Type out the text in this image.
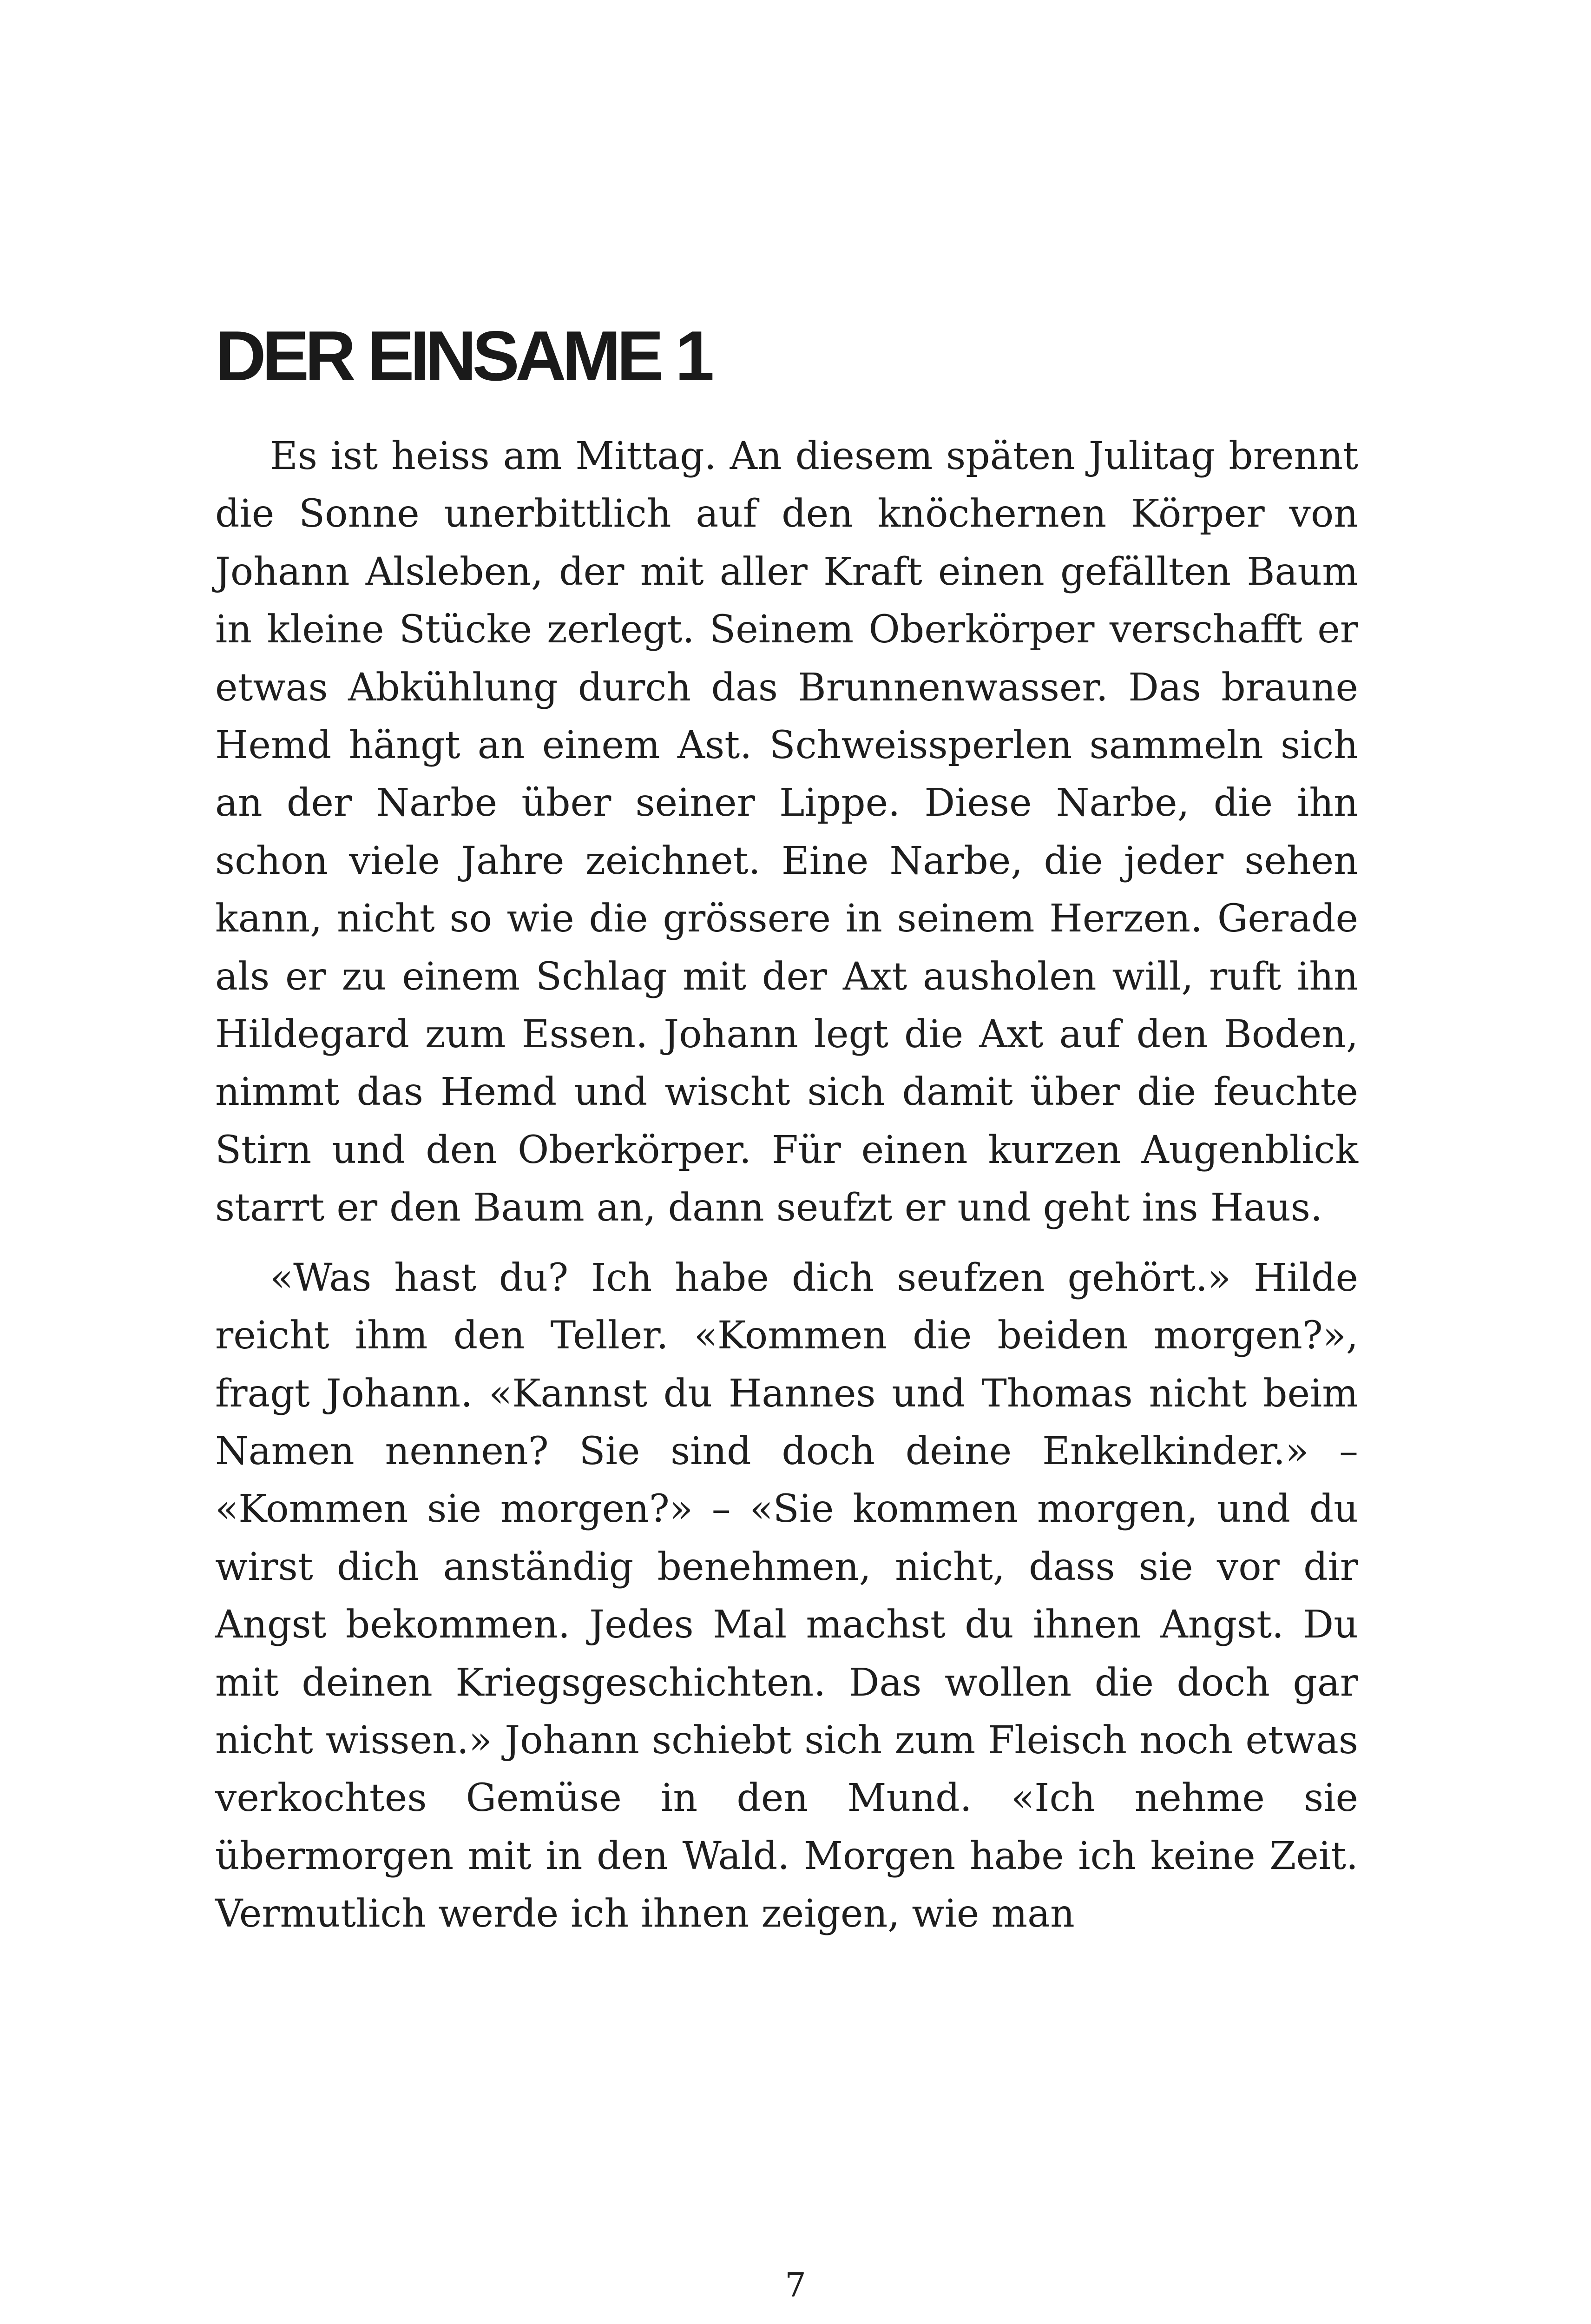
DER EINSAME 1

Es ist heiss am Mittag. An diesem späten Julitag brennt die Sonne unerbittlich auf den knöchernen Körper von Johann Alsleben, der mit aller Kraft einen gefällten Baum in kleine Stücke zerlegt. Seinem Oberkörper verschafft er etwas Abkühlung durch das Brunnenwasser. Das braune Hemd hängt an einem Ast. Schweissperlen sammeln sich an der Narbe über seiner Lippe. Diese Narbe, die ihn schon viele Jahre zeichnet. Eine Narbe, die jeder sehen kann, nicht so wie die grössere in seinem Herzen. Gerade als er zu einem Schlag mit der Axt ausholen will, ruft ihn Hildegard zum Essen. Johann legt die Axt auf den Boden, nimmt das Hemd und wischt sich damit über die feuchte Stirn und den Oberkörper. Für einen kurzen Augenblick starrt er den Baum an, dann seufzt er und geht ins Haus.

«Was hast du? Ich habe dich seufzen gehört.» Hilde reicht ihm den Teller. «Kommen die beiden morgen?», fragt Johann. «Kannst du Hannes und Thomas nicht beim Namen nennen? Sie sind doch deine Enkelkinder.» – «Kommen sie morgen?» – «Sie kommen morgen, und du wirst dich anständig benehmen, nicht, dass sie vor dir Angst bekommen. Jedes Mal machst du ihnen Angst. Du mit deinen Kriegsgeschichten. Das wollen die doch gar nicht wissen.» Johann schiebt sich zum Fleisch noch etwas verkochtes Gemüse in den Mund. «Ich nehme sie übermorgen mit in den Wald. Morgen habe ich keine Zeit. Vermutlich werde ich ihnen zeigen, wie man

7
